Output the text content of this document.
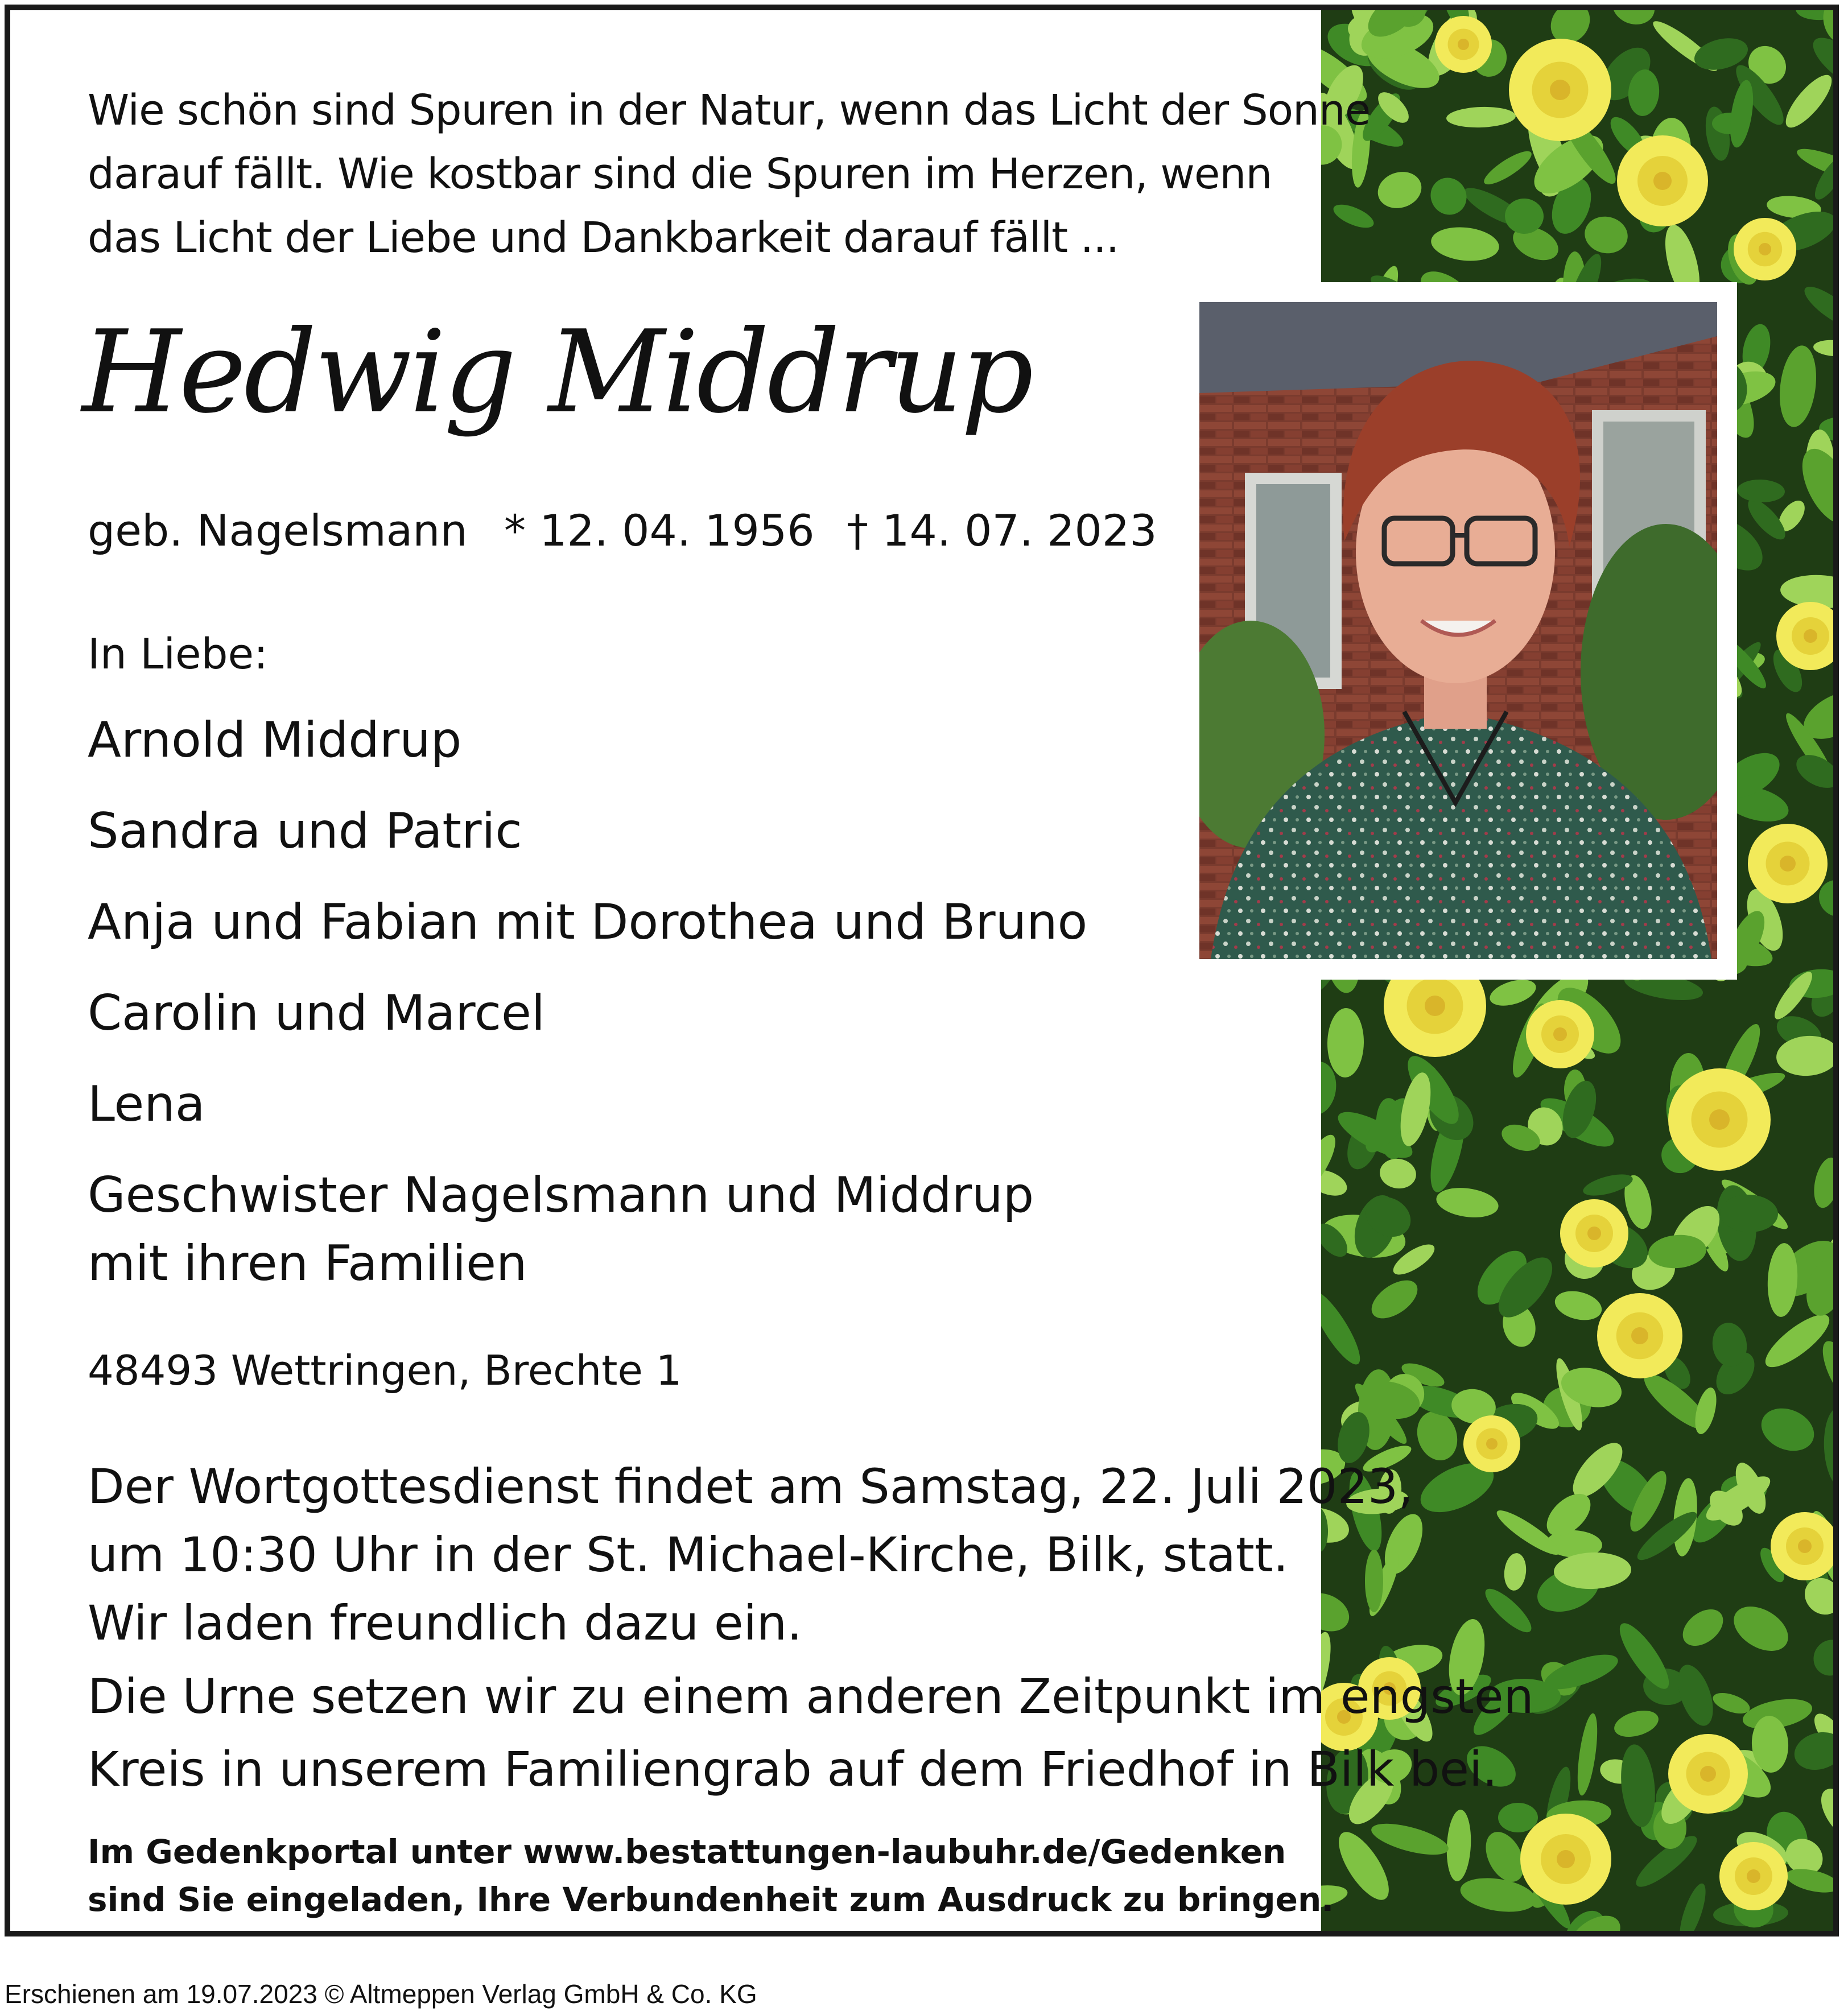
Wie schön sind Spuren in der Natur, wenn das Licht der Sonne
darauf fällt. Wie kostbar sind die Spuren im Herzen, wenn
das Licht der Liebe und Dankbarkeit darauf fällt ...
Hedwig Middrup
geb. Nagelsmann * 12. 04. 1956 † 14. 07. 2023
In Liebe:
Arnold Middrup
Sandra und Patric
Anja und Fabian mit Dorothea und Bruno
Carolin und Marcel
Lena
Geschwister Nagelsmann und Middrup
mit ihren Familien
48493 Wettringen, Brechte 1
Der Wortgottesdienst findet am Samstag, 22. Juli 2023,
um 10:30 Uhr in der St. Michael-Kirche, Bilk, statt.
Wir laden freundlich dazu ein.
Die Urne setzen wir zu einem anderen Zeitpunkt im engsten
Kreis in unserem Familiengrab auf dem Friedhof in Bilk bei.
Im Gedenkportal unter www.bestattungen-laubuhr.de/Gedenken
sind Sie eingeladen, Ihre Verbundenheit zum Ausdruck zu bringen.
Erschienen am 19.07.2023 © Altmeppen Verlag GmbH & Co. KG
